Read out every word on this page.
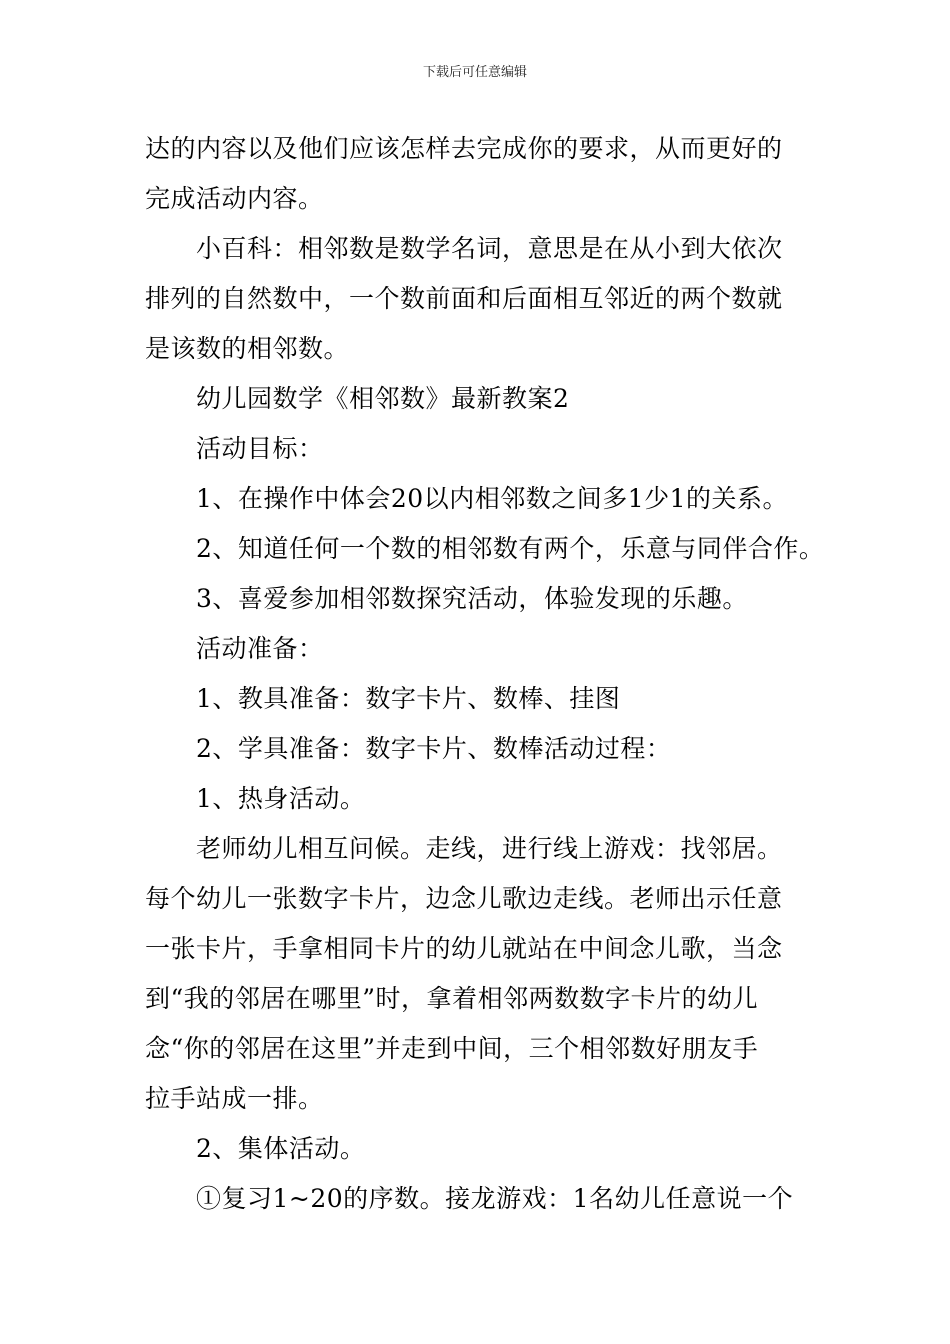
下载后可任意编辑
达的内容以及他们应该怎样去完成你的要求，从而更好的
完成活动内容。
小百科：相邻数是数学名词，意思是在从小到大依次
排列的自然数中，一个数前面和后面相互邻近的两个数就
是该数的相邻数。
幼儿园数学《相邻数》最新教案2
活动目标：
1、在操作中体会20以内相邻数之间多1少1的关系。
2、知道任何一个数的相邻数有两个，乐意与同伴合作。
3、喜爱参加相邻数探究活动，体验发现的乐趣。
活动准备：
1、教具准备：数字卡片、数棒、挂图
2、学具准备：数字卡片、数棒活动过程：
1、热身活动。
老师幼儿相互问候。走线，进行线上游戏：找邻居。
每个幼儿一张数字卡片，边念儿歌边走线。老师出示任意
一张卡片，手拿相同卡片的幼儿就站在中间念儿歌，当念
到“我的邻居在哪里”时，拿着相邻两数数字卡片的幼儿
念“你的邻居在这里”并走到中间，三个相邻数好朋友手
拉手站成一排。
2、集体活动。
①复习1~20的序数。接龙游戏：1名幼儿任意说一个
